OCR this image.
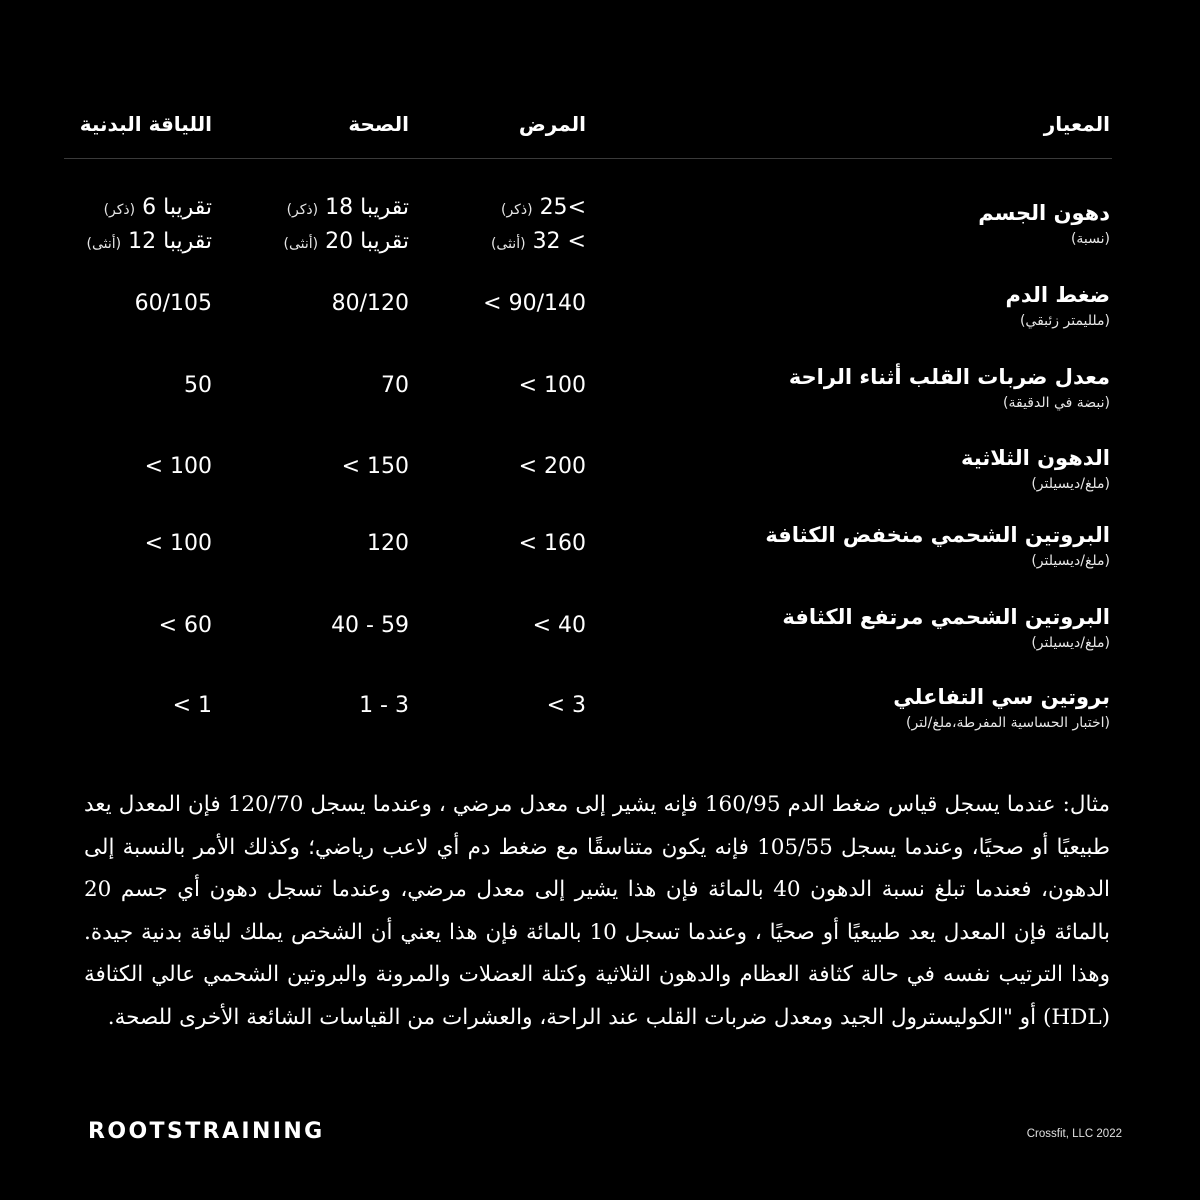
المعيار
المرض
الصحة
اللياقة البدنية
دهون الجسم
(نسبة)
>25 (ذكر)
> 32 (أنثى)
تقريبا 18 (ذكر)
تقريبا 20 (أنثى)
تقريبا 6 (ذكر)
تقريبا 12 (أنثى)
ضغط الدم
(ملليمتر زئبقي)
90/140 >
80/120
60/105
معدل ضربات القلب أثناء الراحة
(نبضة في الدقيقة)
100 >
70
50
الدهون الثلاثية
(ملغ/ديسيلتر)
200 >
150 >
100 >
البروتين الشحمي منخفض الكثافة
(ملغ/ديسيلتر)
160 >
120
100 >
البروتين الشحمي مرتفع الكثافة
(ملغ/ديسيلتر)
40 >
59 - 40
60 >
بروتين سي التفاعلي
(اختبار الحساسية المفرطة،ملغ/لتر)
3 >
3 - 1
1 >

مثال: عندما يسجل قياس ضغط الدم 160/95 فإنه يشير إلى معدل مرضي ، وعندما يسجل 120/70 فإن المعدل يعد طبيعيًا أو صحيًا، وعندما يسجل 105/55 فإنه يكون متناسقًا مع ضغط دم أي لاعب رياضي؛ وكذلك الأمر بالنسبة إلى الدهون، فعندما تبلغ نسبة الدهون 40 بالمائة فإن هذا يشير إلى معدل مرضي، وعندما تسجل دهون أي جسم 20 بالمائة فإن المعدل يعد طبيعيًا أو صحيًا ، وعندما تسجل 10 بالمائة فإن هذا يعني أن الشخص يملك لياقة بدنية جيدة. وهذا الترتيب نفسه في حالة كثافة العظام والدهون الثلاثية وكتلة العضلات والمرونة والبروتين الشحمي عالي الكثافة (HDL) أو "الكوليسترول الجيد ومعدل ضربات القلب عند الراحة، والعشرات من القياسات الشائعة الأخرى للصحة.

ROOTSTRAINING	Crossfit, LLC 2022
